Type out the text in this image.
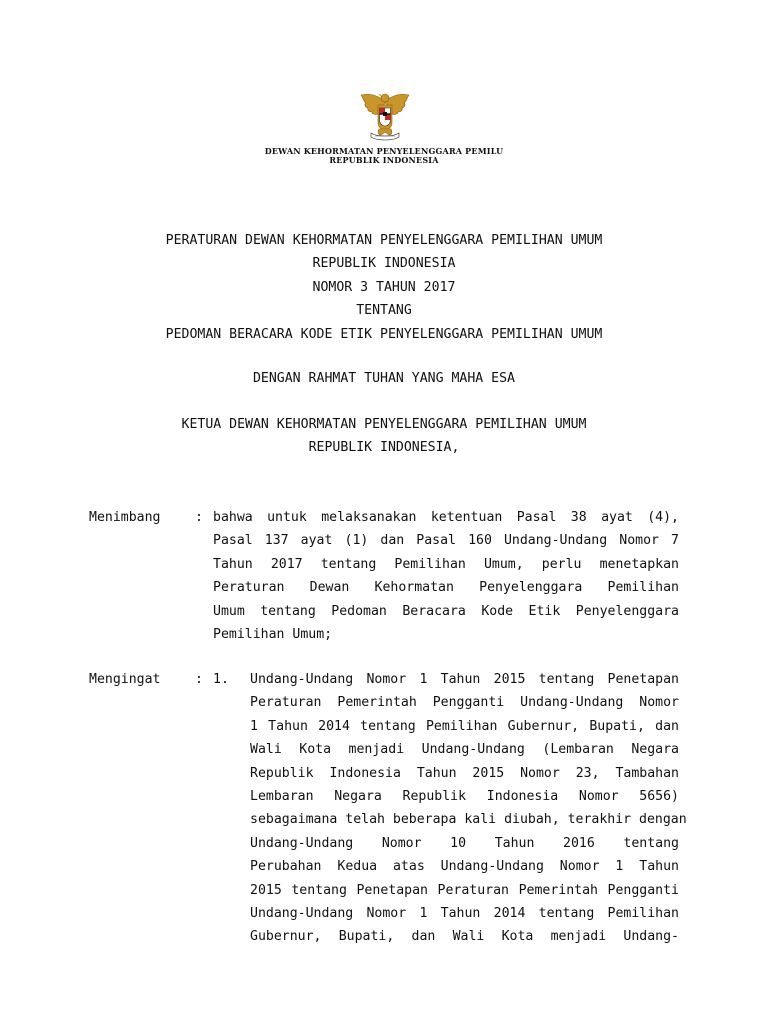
DEWAN KEHORMATAN PENYELENGGARA PEMILU
REPUBLIK INDONESIA
PERATURAN DEWAN KEHORMATAN PENYELENGGARA PEMILIHAN UMUM
REPUBLIK INDONESIA
NOMOR 3 TAHUN 2017
TENTANG
PEDOMAN BERACARA KODE ETIK PENYELENGGARA PEMILIHAN UMUM
DENGAN RAHMAT TUHAN YANG MAHA ESA
KETUA DEWAN KEHORMATAN PENYELENGGARA PEMILIHAN UMUM
REPUBLIK INDONESIA,
Menimbang	: bahwa untuk melaksanakan ketentuan Pasal 38 ayat (4),
Pasal 137 ayat (1) dan Pasal 160 Undang-Undang Nomor 7
Tahun 2017 tentang Pemilihan Umum, perlu menetapkan
Peraturan Dewan Kehormatan Penyelenggara Pemilihan
Umum tentang Pedoman Beracara Kode Etik Penyelenggara
Pemilihan Umum;
Mengingat	: 1. Undang-Undang Nomor 1 Tahun 2015 tentang Penetapan
Peraturan Pemerintah Pengganti Undang-Undang Nomor
1 Tahun 2014 tentang Pemilihan Gubernur, Bupati, dan
Wali Kota menjadi Undang-Undang (Lembaran Negara
Republik Indonesia Tahun 2015 Nomor 23, Tambahan
Lembaran Negara Republik Indonesia Nomor 5656)
sebagaimana telah beberapa kali diubah, terakhir dengan
Undang-Undang Nomor 10 Tahun 2016 tentang
Perubahan Kedua atas Undang-Undang Nomor 1 Tahun
2015 tentang Penetapan Peraturan Pemerintah Pengganti
Undang-Undang Nomor 1 Tahun 2014 tentang Pemilihan
Gubernur, Bupati, dan Wali Kota menjadi Undang-
